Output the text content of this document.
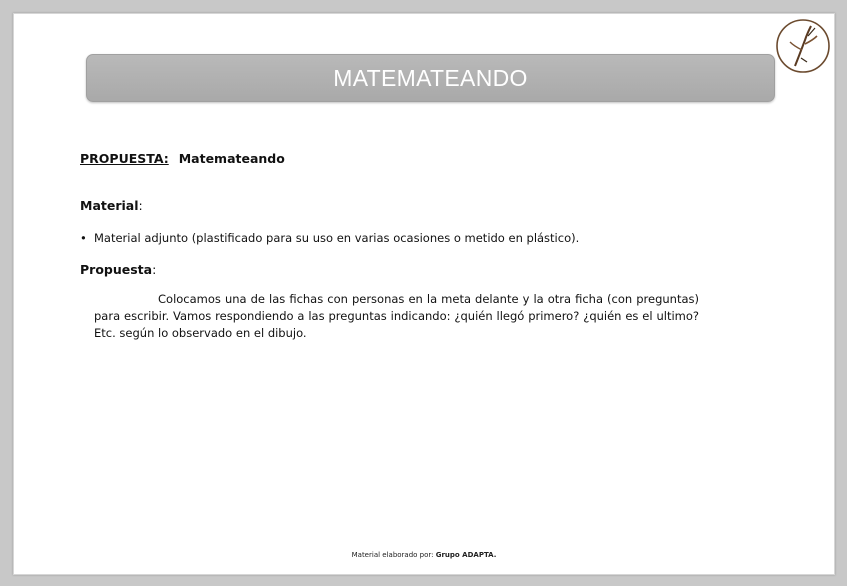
MATEMATEANDO
PROPUESTA: Matemateando
Material:
• Material adjunto (plastificado para su uso en varias ocasiones o metido en plástico).
Propuesta:
Colocamos una de las fichas con personas en la meta delante y la otra ficha (con preguntas) para escribir. Vamos respondiendo a las preguntas indicando: ¿quién llegó primero? ¿quién es el ultimo? Etc. según lo observado en el dibujo.
Material elaborado por: Grupo ADAPTA.
